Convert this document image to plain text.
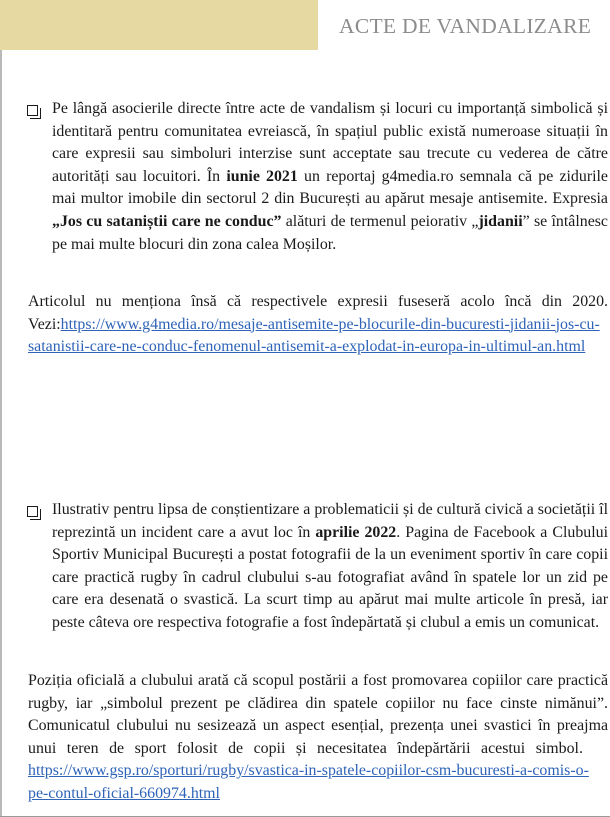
ACTE DE VANDALIZARE

Pe lângă asocierile directe între acte de vandalism și locuri cu importanță simbolică și identitară pentru comunitatea evreiască, în spațiul public există numeroase situații în care expresii sau simboluri interzise sunt acceptate sau trecute cu vederea de către autorități sau locuitori. În iunie 2021 un reportaj g4media.ro semnala că pe zidurile mai multor imobile din sectorul 2 din București au apărut mesaje antisemite. Expresia „Jos cu sataniștii care ne conduc” alături de termenul peiorativ „jidanii” se întâlnesc pe mai multe blocuri din zona calea Moșilor.

Articolul nu menționa însă că respectivele expresii fuseseră acolo încă din 2020. Vezi:https://www.g4media.ro/mesaje-antisemite-pe-blocurile-din-bucuresti-jidanii-jos-cu-satanistii-care-ne-conduc-fenomenul-antisemit-a-explodat-in-europa-in-ultimul-an.html

Ilustrativ pentru lipsa de conștientizare a problematicii și de cultură civică a societății îl reprezintă un incident care a avut loc în aprilie 2022. Pagina de Facebook a Clubului Sportiv Municipal București a postat fotografii de la un eveniment sportiv în care copii care practică rugby în cadrul clubului s-au fotografiat având în spatele lor un zid pe care era desenată o svastică. La scurt timp au apărut mai multe articole în presă, iar peste câteva ore respectiva fotografie a fost îndepărtată și clubul a emis un comunicat.

Poziția oficială a clubului arată că scopul postării a fost promovarea copiilor care practică rugby, iar „simbolul prezent pe clădirea din spatele copiilor nu face cinste nimănui”. Comunicatul clubului nu sesizează un aspect esențial, prezența unei svastici în preajma unui teren de sport folosit de copii și necesitatea îndepărtării acestui simbol.    https://www.gsp.ro/sporturi/rugby/svastica-in-spatele-copiilor-csm-bucuresti-a-comis-o-pe-contul-oficial-660974.html
